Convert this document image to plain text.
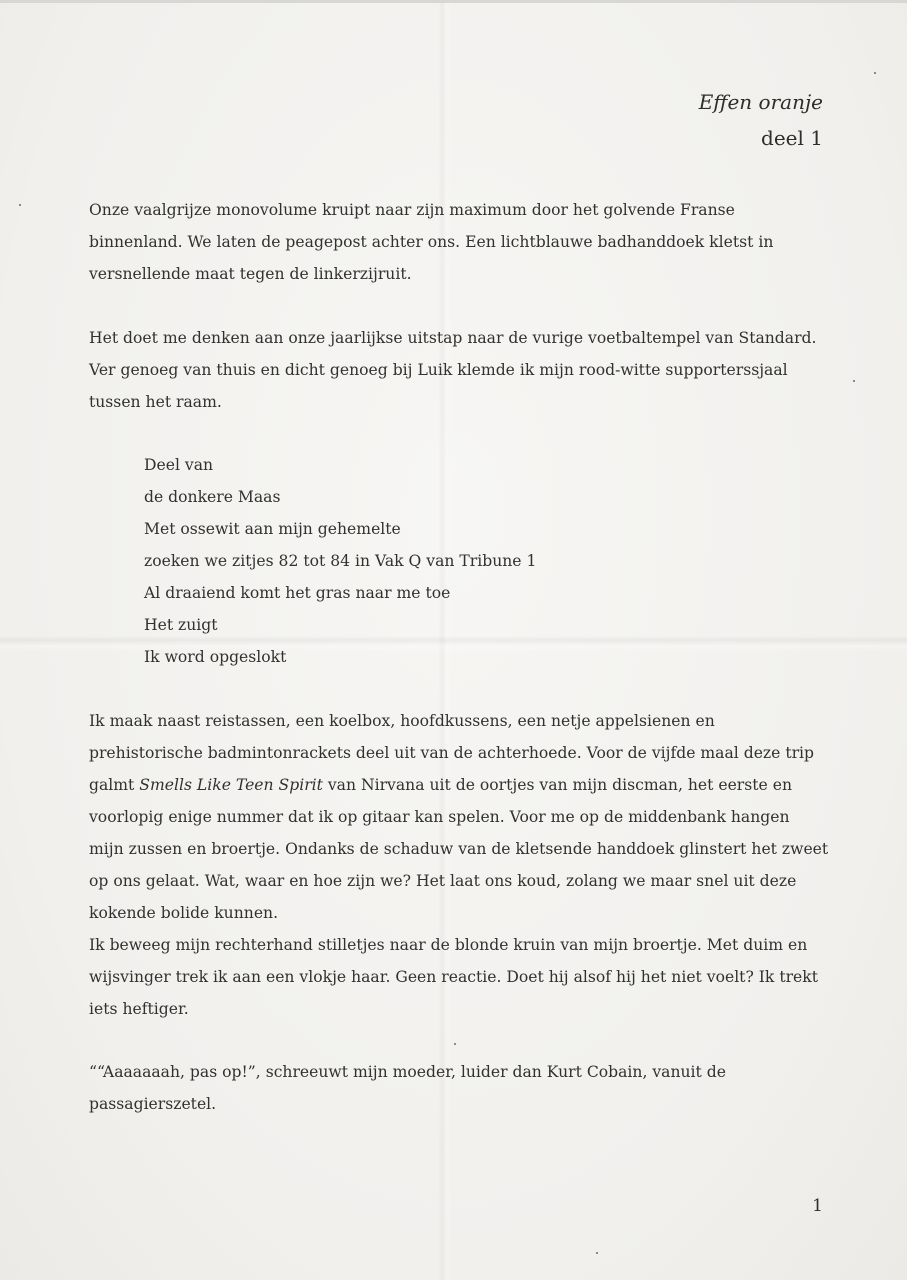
Effen oranje
deel 1
Onze vaalgrijze monovolume kruipt naar zijn maximum door het golvende Franse binnenland. We laten de peagepost achter ons. Een lichtblauwe badhanddoek kletst in versnellende maat tegen de linkerzijruit.
Het doet me denken aan onze jaarlijkse uitstap naar de vurige voetbaltempel van Standard. Ver genoeg van thuis en dicht genoeg bij Luik klemde ik mijn rood-witte supporterssjaal tussen het raam.
Deel van
de donkere Maas
Met ossewit aan mijn gehemelte
zoeken we zitjes 82 tot 84 in Vak Q van Tribune 1
Al draaiend komt het gras naar me toe
Het zuigt
Ik word opgeslokt
Ik maak naast reistassen, een koelbox, hoofdkussens, een netje appelsienen en prehistorische badmintonrackets deel uit van de achterhoede. Voor de vijfde maal deze trip galmt Smells Like Teen Spirit van Nirvana uit de oortjes van mijn discman, het eerste en voorlopig enige nummer dat ik op gitaar kan spelen. Voor me op de middenbank hangen mijn zussen en broertje. Ondanks de schaduw van de kletsende handdoek glinstert het zweet op ons gelaat. Wat, waar en hoe zijn we? Het laat ons koud, zolang we maar snel uit deze kokende bolide kunnen.
Ik beweeg mijn rechterhand stilletjes naar de blonde kruin van mijn broertje. Met duim en wijsvinger trek ik aan een vlokje haar. Geen reactie. Doet hij alsof hij het niet voelt? Ik trekt iets heftiger.
““Aaaaaaah, pas op!”, schreeuwt mijn moeder, luider dan Kurt Cobain, vanuit de passagierszetel.
1
